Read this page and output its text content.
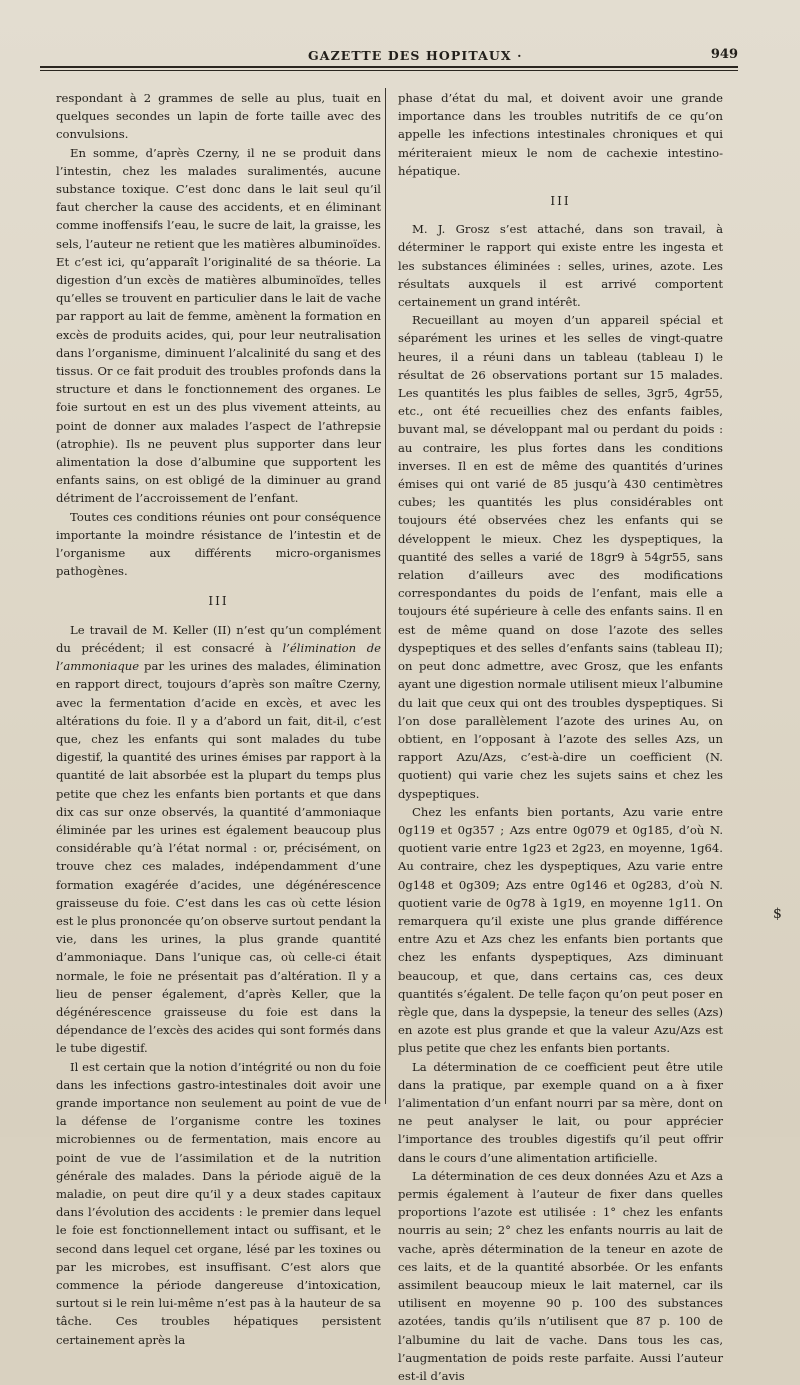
GAZETTE DES HOPITAUX ·	949

respondant à 2 grammes de selle au plus, tuait en quelques secondes un lapin de forte taille avec des convulsions.

En somme, d’après Czerny, il ne se produit dans l’intestin, chez les malades suralimentés, aucune substance toxique. C’est donc dans le lait seul qu’il faut chercher la cause des accidents, et en éliminant comme inoffensifs l’eau, le sucre de lait, la graisse, les sels, l’auteur ne retient que les matières albuminoïdes. Et c’est ici, qu’apparaît l’originalité de sa théorie. La digestion d’un excès de matières albuminoïdes, telles qu’elles se trouvent en particulier dans le lait de vache par rapport au lait de femme, amènent la formation en excès de produits acides, qui, pour leur neutralisation dans l’organisme, diminuent l’alcalinité du sang et des tissus. Or ce fait produit des troubles profonds dans la structure et dans le fonctionnement des organes. Le foie surtout en est un des plus vivement atteints, au point de donner aux malades l’aspect de l’athrepsie (atrophie). Ils ne peuvent plus supporter dans leur alimentation la dose d’albumine que supportent les enfants sains, on est obligé de la diminuer au grand détriment de l’accroissement de l’enfant.

Toutes ces conditions réunies ont pour conséquence importante la moindre résistance de l’intestin et de l’organisme aux différents micro-organismes pathogènes.

III

Le travail de M. Keller (II) n’est qu’un complément du précédent; il est consacré à l’élimination de l’ammoniaque par les urines des malades, élimination en rapport direct, toujours d’après son maître Czerny, avec la fermentation d’acide en excès, et avec les altérations du foie. Il y a d’abord un fait, dit-il, c’est que, chez les enfants qui sont malades du tube digestif, la quantité des urines émises par rapport à la quantité de lait absorbée est la plupart du temps plus petite que chez les enfants bien portants et que dans dix cas sur onze observés, la quantité d’ammoniaque éliminée par les urines est également beaucoup plus considérable qu’à l’état normal : or, précisément, on trouve chez ces malades, indépendamment d’une formation exagérée d’acides, une dégénérescence graisseuse du foie. C’est dans les cas où cette lésion est le plus prononcée qu’on observe surtout pendant la vie, dans les urines, la plus grande quantité d’ammoniaque. Dans l’unique cas, où celle-ci était normale, le foie ne présentait pas d’altération. Il y a lieu de penser également, d’après Keller, que la dégénérescence graisseuse du foie est dans la dépendance de l’excès des acides qui sont formés dans le tube digestif.

Il est certain que la notion d’intégrité ou non du foie dans les infections gastro-intestinales doit avoir une grande importance non seulement au point de vue de la défense de l’organisme contre les toxines microbiennes ou de fermentation, mais encore au point de vue de l’assimilation et de la nutrition générale des malades. Dans la période aiguë de la maladie, on peut dire qu’il y a deux stades capitaux dans l’évolution des accidents : le premier dans lequel le foie est fonctionnellement intact ou suffisant, et le second dans lequel cet organe, lésé par les toxines ou par les microbes, est insuffisant. C’est alors que commence la période dangereuse d’intoxication, surtout si le rein lui-même n’est pas à la hauteur de sa tâche. Ces troubles hépatiques persistent certainement après la

phase d’état du mal, et doivent avoir une grande importance dans les troubles nutritifs de ce qu’on appelle les infections intestinales chroniques et qui mériteraient mieux le nom de cachexie intestino-hépatique.

III

M. J. Grosz s’est attaché, dans son travail, à déterminer le rapport qui existe entre les ingesta et les substances éliminées : selles, urines, azote. Les résultats auxquels il est arrivé comportent certainement un grand intérêt.

Recueillant au moyen d’un appareil spécial et séparément les urines et les selles de vingt-quatre heures, il a réuni dans un tableau (tableau I) le résultat de 26 observations portant sur 15 malades. Les quantités les plus faibles de selles, 3gr5, 4gr55, etc., ont été recueillies chez des enfants faibles, buvant mal, se développant mal ou perdant du poids : au contraire, les plus fortes dans les conditions inverses. Il en est de même des quantités d’urines émises qui ont varié de 85 jusqu’à 430 centimètres cubes; les quantités les plus considérables ont toujours été observées chez les enfants qui se développent le mieux. Chez les dyspeptiques, la quantité des selles a varié de 18gr9 à 54gr55, sans relation d’ailleurs avec des modifications correspondantes du poids de l’enfant, mais elle a toujours été supérieure à celle des enfants sains. Il en est de même quand on dose l’azote des selles dyspeptiques et des selles d’enfants sains (tableau II); on peut donc admettre, avec Grosz, que les enfants ayant une digestion normale utilisent mieux l’albumine du lait que ceux qui ont des troubles dyspeptiques. Si l’on dose parallèlement l’azote des urines Au, on obtient, en l’opposant à l’azote des selles Azs, un rapport Azu/Azs, c’est-à-dire un coefficient (N. quotient) qui varie chez les sujets sains et chez les dyspeptiques.

Chez les enfants bien portants, Azu varie entre 0g119 et 0g357 ; Azs entre 0g079 et 0g185, d’où N. quotient varie entre 1g23 et 2g23, en moyenne, 1g64. Au contraire, chez les dyspeptiques, Azu varie entre 0g148 et 0g309; Azs entre 0g146 et 0g283, d’où N. quotient varie de 0g78 à 1g19, en moyenne 1g11. On remarquera qu’il existe une plus grande différence entre Azu et Azs chez les enfants bien portants que chez les enfants dyspeptiques, Azs diminuant beaucoup, et que, dans certains cas, ces deux quantités s’égalent. De telle façon qu’on peut poser en règle que, dans la dyspepsie, la teneur des selles (Azs) en azote est plus grande et que la valeur Azu/Azs est plus petite que chez les enfants bien portants.

La détermination de ce coefficient peut être utile dans la pratique, par exemple quand on a à fixer l’alimentation d’un enfant nourri par sa mère, dont on ne peut analyser le lait, ou pour apprécier l’importance des troubles digestifs qu’il peut offrir dans le cours d’une alimentation artificielle.

La détermination de ces deux données Azu et Azs a permis également à l’auteur de fixer dans quelles proportions l’azote est utilisée : 1° chez les enfants nourris au sein; 2° chez les enfants nourris au lait de vache, après détermination de la teneur en azote de ces laits, et de la quantité absorbée. Or les enfants assimilent beaucoup mieux le lait maternel, car ils utilisent en moyenne 90 p. 100 des substances azotées, tandis qu’ils n’utilisent que 87 p. 100 de l’albumine du lait de vache. Dans tous les cas, l’augmentation de poids reste parfaite. Aussi l’auteur est-il d’avis

$
